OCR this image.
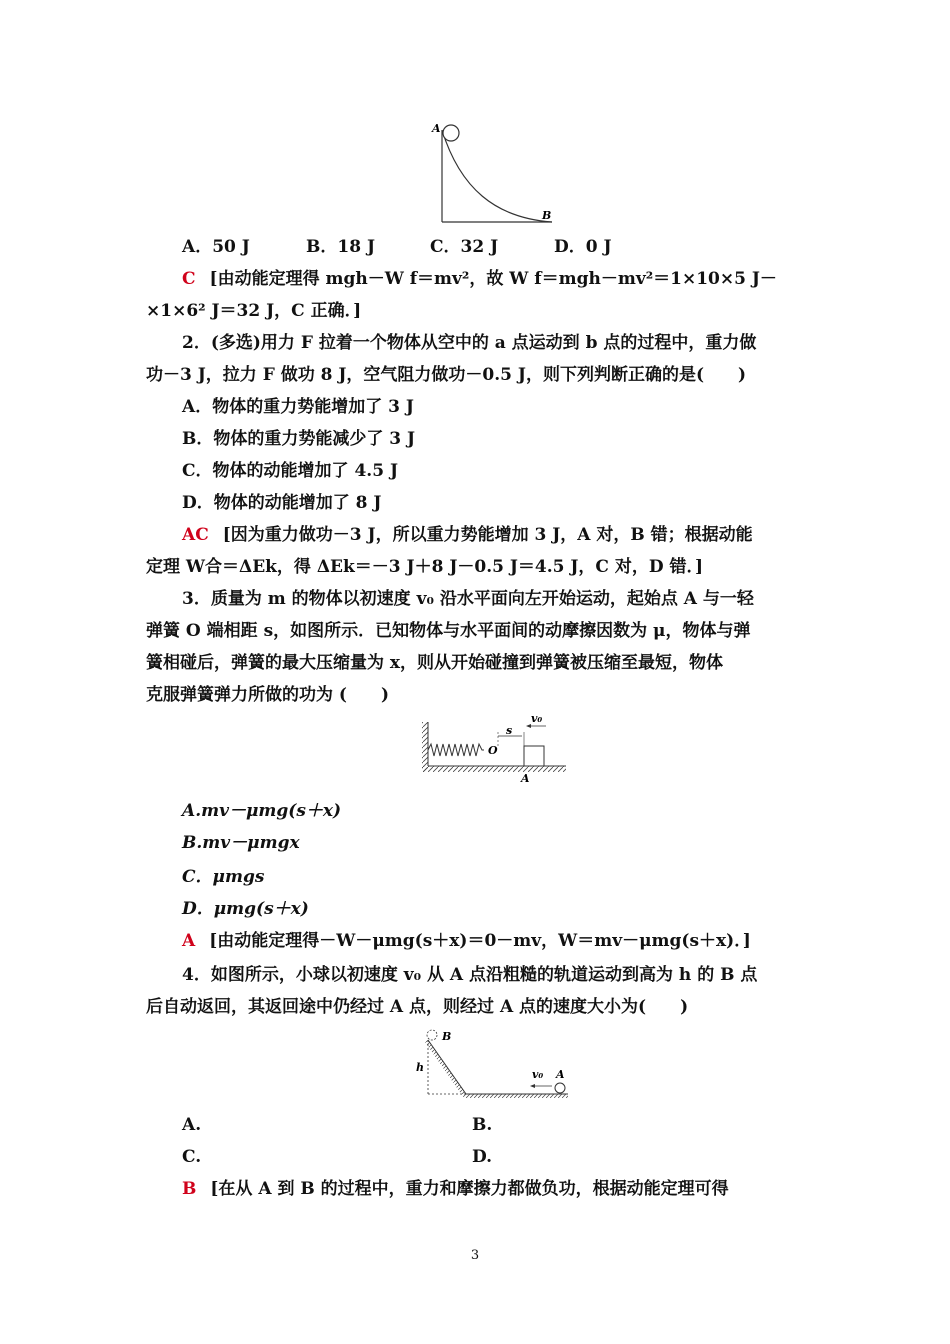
A
B
A．50 J	B．18 J	C．32 J	D．0 J
C [由动能定理得 mgh－W f＝mv²，故 W f＝mgh－mv²＝1×10×5 J－
×1×6² J＝32 J，C 正确．]
2．(多选)用力 F 拉着一个物体从空中的 a 点运动到 b 点的过程中，重力做
功－3 J，拉力 F 做功 8 J，空气阻力做功－0.5 J，则下列判断正确的是(　　)
A．物体的重力势能增加了 3 J
B．物体的重力势能减少了 3 J
C．物体的动能增加了 4.5 J
D．物体的动能增加了 8 J
AC [因为重力做功－3 J，所以重力势能增加 3 J，A 对，B 错；根据动能
定理 W合＝ΔEk，得 ΔEk＝－3 J＋8 J－0.5 J＝4.5 J，C 对，D 错．]
3．质量为 m 的物体以初速度 v₀ 沿水平面向左开始运动，起始点 A 与一轻
弹簧 O 端相距 s，如图所示．已知物体与水平面间的动摩擦因数为 μ，物体与弹
簧相碰后，弹簧的最大压缩量为 x，则从开始碰撞到弹簧被压缩至最短，物体
克服弹簧弹力所做的功为 (　　)
O
s
v₀
A
A.mv－μmg(s＋x)
B.mv－μmgx
C．μmgs
D．μmg(s＋x)
A [由动能定理得－W－μmg(s＋x)＝0－mv，W＝mv－μmg(s＋x)．]
4．如图所示，小球以初速度 v₀ 从 A 点沿粗糙的轨道运动到高为 h 的 B 点
后自动返回，其返回途中仍经过 A 点，则经过 A 点的速度大小为(　　)
B
h
v₀ A
A.	B.
C.	D.
B [在从 A 到 B 的过程中，重力和摩擦力都做负功，根据动能定理可得
3
